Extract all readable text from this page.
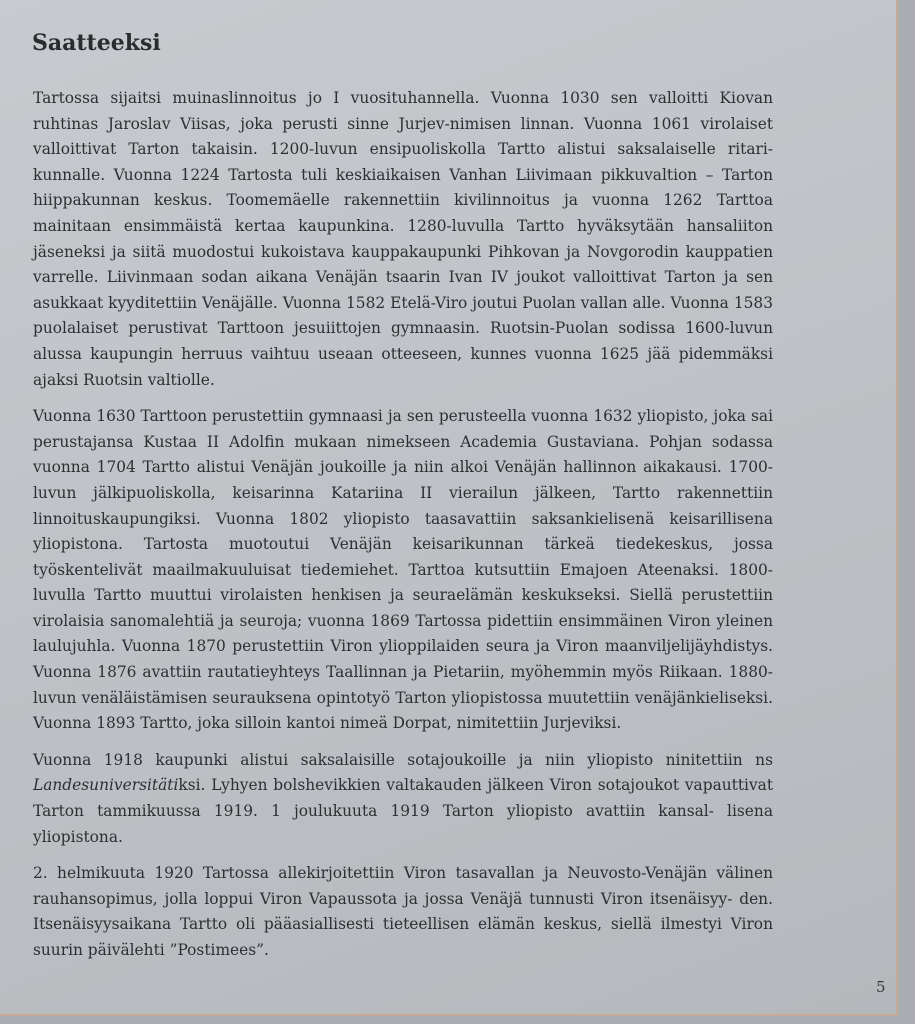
Saatteeksi

Tartossa sijaitsi muinaslinnoitus jo I vuosituhannella. Vuonna 1030 sen valloitti Kiovan ruhtinas Jaroslav Viisas, joka perusti sinne Jurjev-nimisen linnan. Vuonna 1061 virolaiset valloittivat Tarton takaisin. 1200-luvun ensipuoliskolla Tartto alistui saksalaiselle ritari- kunnalle. Vuonna 1224 Tartosta tuli keskiaikaisen Vanhan Liivimaan pikkuvaltion – Tarton hiippakunnan keskus. Toomemäelle rakennettiin kivilinnoitus ja vuonna 1262 Tarttoa mainitaan ensimmäistä kertaa kaupunkina. 1280-luvulla Tartto hyväksytään hansaliiton jäseneksi ja siitä muodostui kukoistava kauppakaupunki Pihkovan ja Novgorodin kauppatien varrelle. Liivinmaan sodan aikana Venäjän tsaarin Ivan IV joukot valloittivat Tarton ja sen asukkaat kyyditettiin Venäjälle. Vuonna 1582 Etelä-Viro joutui Puolan vallan alle. Vuonna 1583 puolalaiset perustivat Tarttoon jesuiittojen gymnaasin. Ruotsin-Puolan sodissa 1600-luvun alussa kaupungin herruus vaihtuu useaan otteeseen, kunnes vuonna 1625 jää pidemmäksi ajaksi Ruotsin valtiolle.

Vuonna 1630 Tarttoon perustettiin gymnaasi ja sen perusteella vuonna 1632 yliopisto, joka sai perustajansa Kustaa II Adolfin mukaan nimekseen Academia Gustaviana. Pohjan sodassa vuonna 1704 Tartto alistui Venäjän joukoille ja niin alkoi Venäjän hallinnon aikakausi. 1700-luvun jälkipuoliskolla, keisarinna Katariina II vierailun jälkeen, Tartto rakennettiin linnoituskaupungiksi. Vuonna 1802 yliopisto taasavattiin saksankielisenä keisarillisena yliopistona. Tartosta muotoutui Venäjän keisarikunnan tärkeä tiedekeskus, jossa työskentelivät maailmakuuluisat tiedemiehet. Tarttoa kutsuttiin Emajoen Ateenaksi. 1800-luvulla Tartto muuttui virolaisten henkisen ja seuraelämän keskukseksi. Siellä perustettiin virolaisia sanomalehtiä ja seuroja; vuonna 1869 Tartossa pidettiin ensimmäinen Viron yleinen laulujuhla. Vuonna 1870 perustettiin Viron ylioppilaiden seura ja Viron maanviljelijäyhdistys. Vuonna 1876 avattiin rautatieyhteys Taallinnan ja Pietariin, myöhemmin myös Riikaan. 1880-luvun venäläistämisen seurauksena opintotyö Tarton yliopistossa muutettiin venäjänkieliseksi. Vuonna 1893 Tartto, joka silloin kantoi nimeä Dorpat, nimitettiin Jurjeviksi.

Vuonna 1918 kaupunki alistui saksalaisille sotajoukoille ja niin yliopisto ninitettiin ns Landesuniversitätiksi. Lyhyen bolshevikkien valtakauden jälkeen Viron sotajoukot vapauttivat Tarton tammikuussa 1919. 1 joulukuuta 1919 Tarton yliopisto avattiin kansal- lisena yliopistona.

2. helmikuuta 1920 Tartossa allekirjoitettiin Viron tasavallan ja Neuvosto-Venäjän välinen rauhansopimus, jolla loppui Viron Vapaussota ja jossa Venäjä tunnusti Viron itsenäisyy- den. Itsenäisyysaikana Tartto oli pääasiallisesti tieteellisen elämän keskus, siellä ilmestyi Viron suurin päivälehti ”Postimees”.

5
